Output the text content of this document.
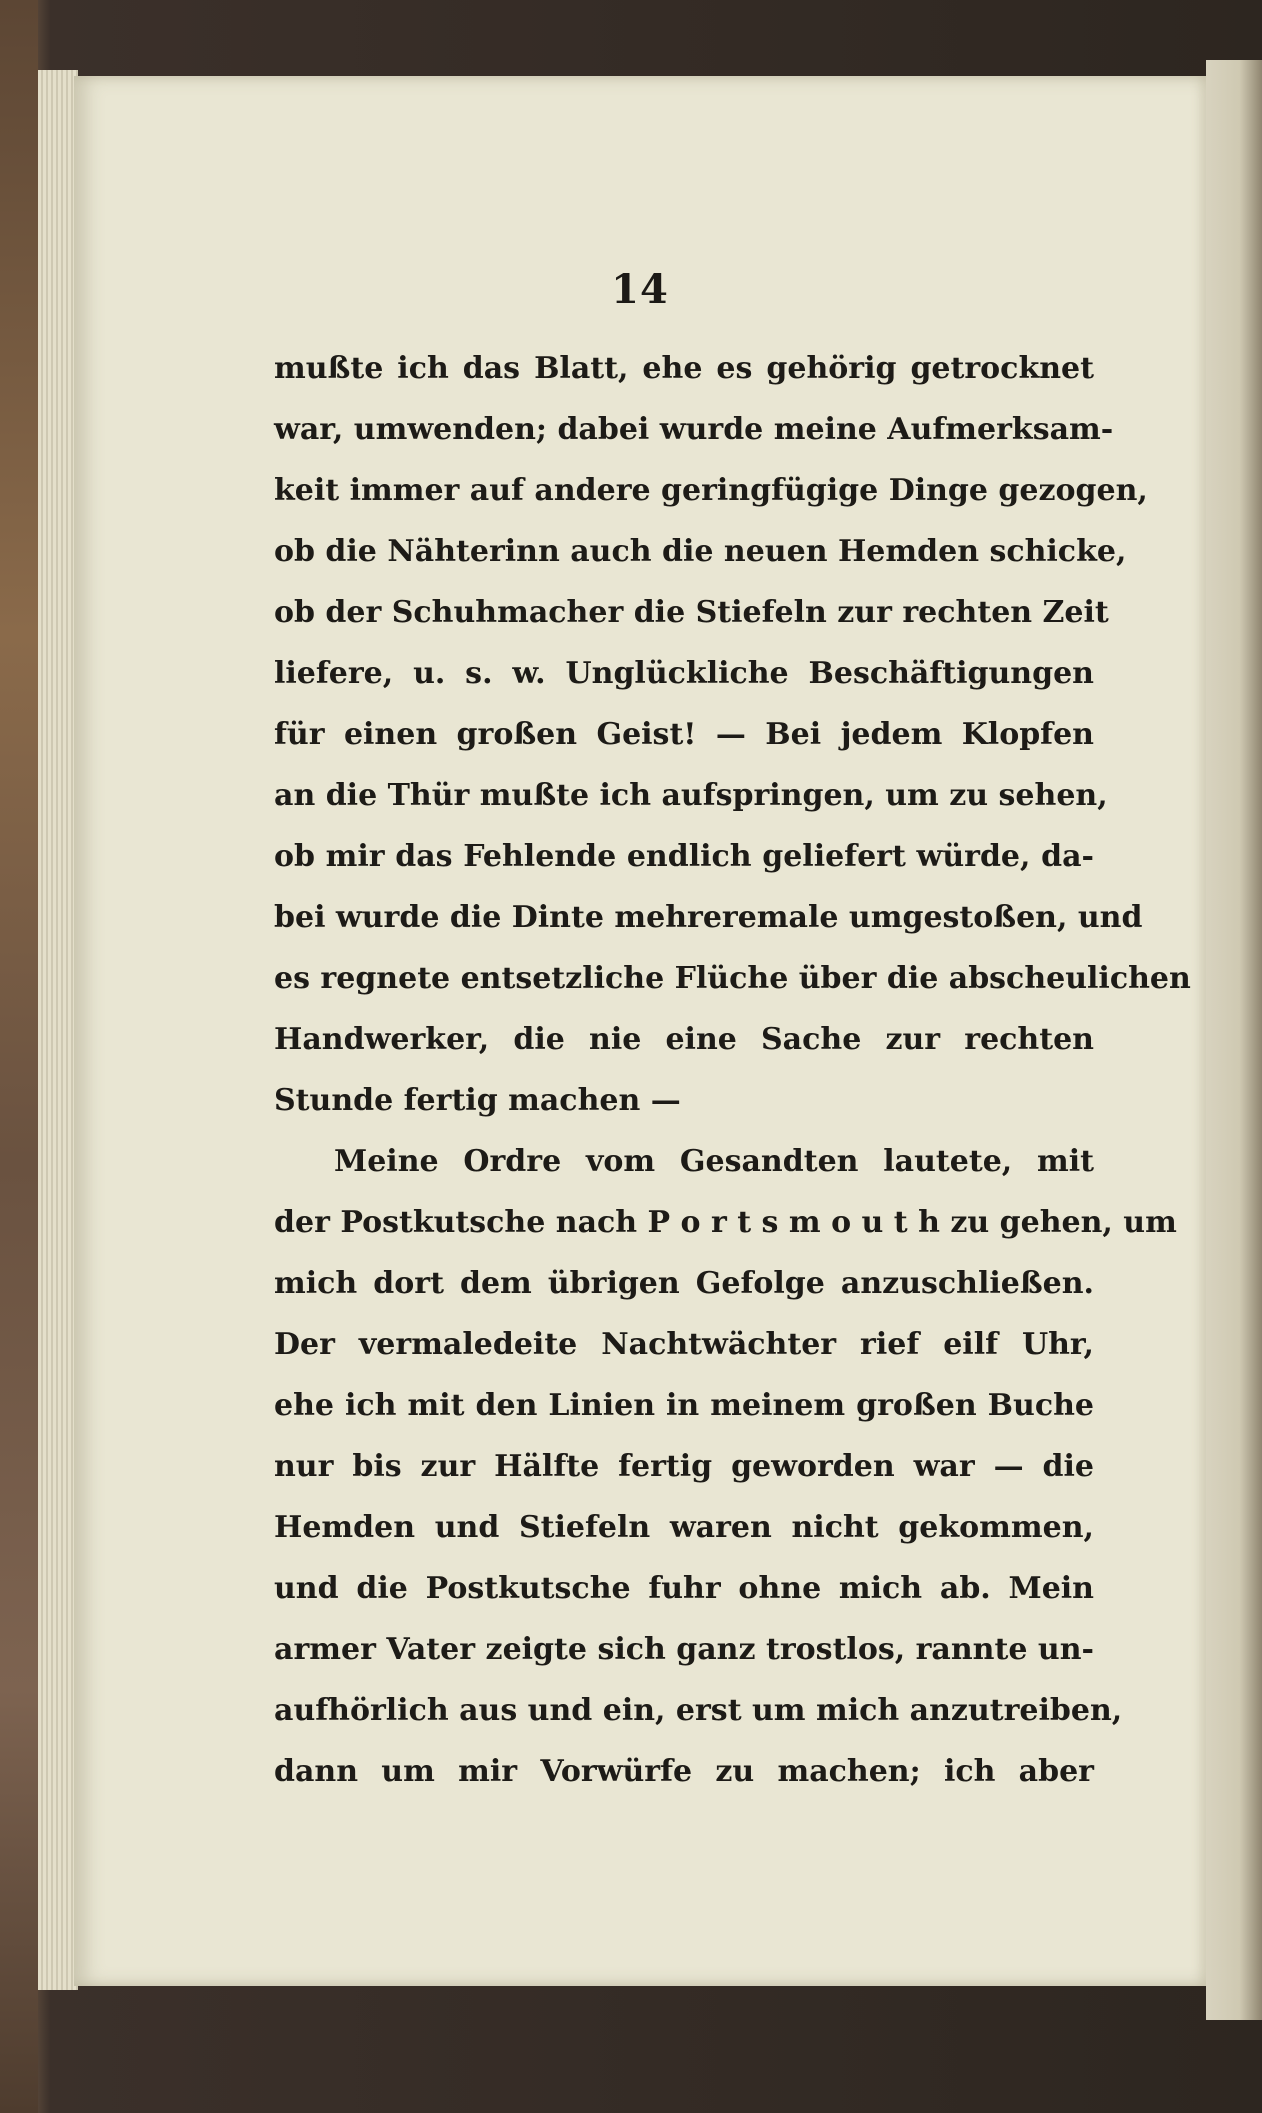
14
mußte ich das Blatt, ehe es gehörig getrocknet
war, umwenden; dabei wurde meine Aufmerksam-
keit immer auf andere geringfügige Dinge gezogen,
ob die Nähterinn auch die neuen Hemden schicke,
ob der Schuhmacher die Stiefeln zur rechten Zeit
liefere, u. s. w. Unglückliche Beschäftigungen
für einen großen Geist! — Bei jedem Klopfen
an die Thür mußte ich aufspringen, um zu sehen,
ob mir das Fehlende endlich geliefert würde, da-
bei wurde die Dinte mehreremale umgestoßen, und
es regnete entsetzliche Flüche über die abscheulichen
Handwerker, die nie eine Sache zur rechten
Stunde fertig machen —
Meine Ordre vom Gesandten lautete, mit
der Postkutsche nach P o r t s m o u t h zu gehen, um
mich dort dem übrigen Gefolge anzuschließen.
Der vermaledeite Nachtwächter rief eilf Uhr,
ehe ich mit den Linien in meinem großen Buche
nur bis zur Hälfte fertig geworden war — die
Hemden und Stiefeln waren nicht gekommen,
und die Postkutsche fuhr ohne mich ab. Mein
armer Vater zeigte sich ganz trostlos, rannte un-
aufhörlich aus und ein, erst um mich anzutreiben,
dann um mir Vorwürfe zu machen; ich aber
